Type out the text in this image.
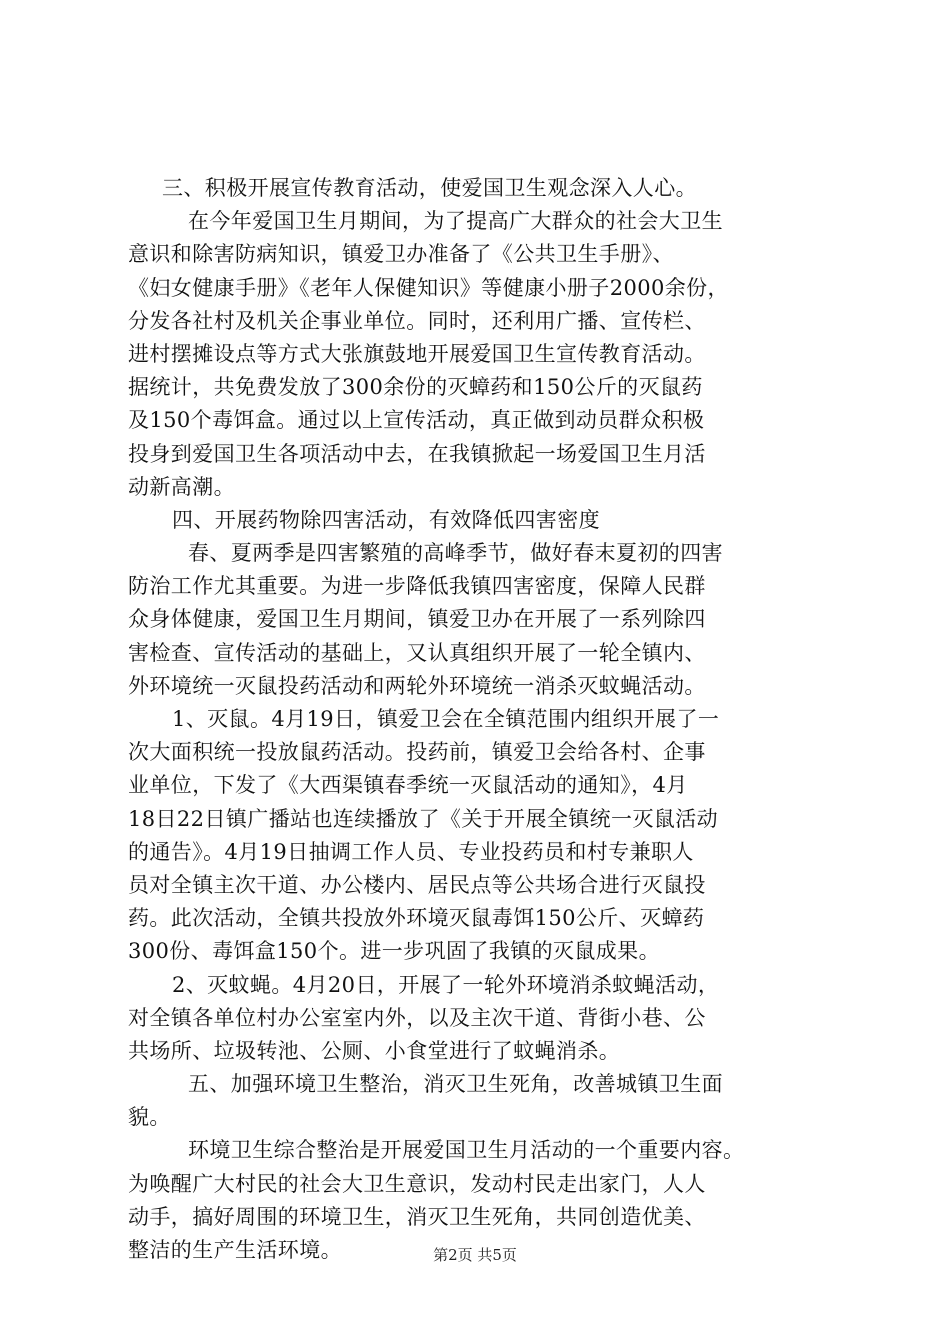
三、积极开展宣传教育活动，使爱国卫生观念深入人心。
在今年爱国卫生月期间，为了提高广大群众的社会大卫生
意识和除害防病知识，镇爱卫办准备了《公共卫生手册》、
《妇女健康手册》《老年人保健知识》等健康小册子2000余份，
分发各社村及机关企事业单位。同时，还利用广播、宣传栏、
进村摆摊设点等方式大张旗鼓地开展爱国卫生宣传教育活动。
据统计，共免费发放了300余份的灭蟑药和150公斤的灭鼠药
及150个毒饵盒。通过以上宣传活动，真正做到动员群众积极
投身到爱国卫生各项活动中去，在我镇掀起一场爱国卫生月活
动新高潮。
四、开展药物除四害活动，有效降低四害密度
春、夏两季是四害繁殖的高峰季节，做好春末夏初的四害
防治工作尤其重要。为进一步降低我镇四害密度，保障人民群
众身体健康，爱国卫生月期间，镇爱卫办在开展了一系列除四
害检查、宣传活动的基础上，又认真组织开展了一轮全镇内、
外环境统一灭鼠投药活动和两轮外环境统一消杀灭蚊蝇活动。
1、灭鼠。4月19日，镇爱卫会在全镇范围内组织开展了一
次大面积统一投放鼠药活动。投药前，镇爱卫会给各村、企事
业单位，下发了《大西渠镇春季统一灭鼠活动的通知》，4月
18日22日镇广播站也连续播放了《关于开展全镇统一灭鼠活动
的通告》。4月19日抽调工作人员、专业投药员和村专兼职人
员对全镇主次干道、办公楼内、居民点等公共场合进行灭鼠投
药。此次活动，全镇共投放外环境灭鼠毒饵150公斤、灭蟑药
300份、毒饵盒150个。进一步巩固了我镇的灭鼠成果。
2、灭蚊蝇。4月20日，开展了一轮外环境消杀蚊蝇活动，
对全镇各单位村办公室室内外，以及主次干道、背街小巷、公
共场所、垃圾转池、公厕、小食堂进行了蚊蝇消杀。
五、加强环境卫生整治，消灭卫生死角，改善城镇卫生面
貌。
环境卫生综合整治是开展爱国卫生月活动的一个重要内容。
为唤醒广大村民的社会大卫生意识，发动村民走出家门，人人
动手，搞好周围的环境卫生，消灭卫生死角，共同创造优美、
整洁的生产生活环境。	第2页 共5页
